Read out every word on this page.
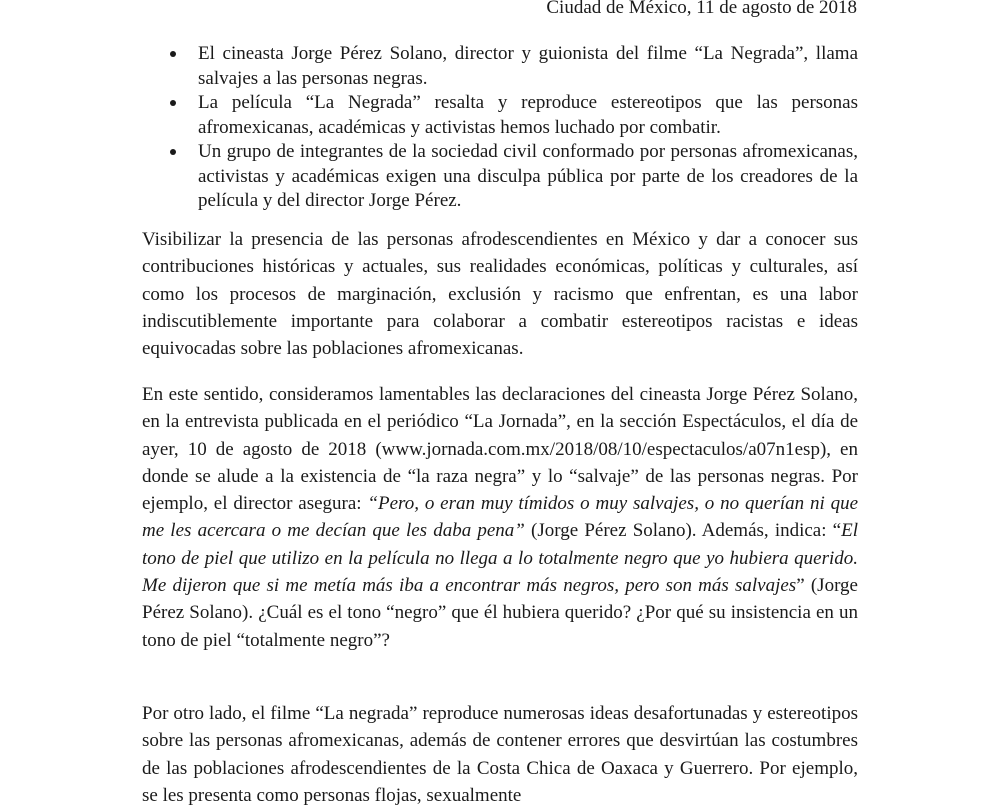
Ciudad de México, 11 de agosto de 2018
El cineasta Jorge Pérez Solano, director y guionista del filme “La Negrada”, llama salvajes a las personas negras.
La película “La Negrada” resalta y reproduce estereotipos que las personas afromexicanas, académicas y activistas hemos luchado por combatir.
Un grupo de integrantes de la sociedad civil conformado por personas afromexicanas, activistas y académicas exigen una disculpa pública por parte de los creadores de la película y del director Jorge Pérez.

Visibilizar la presencia de las personas afrodescendientes en México y dar a conocer sus contribuciones históricas y actuales, sus realidades económicas, políticas y culturales, así como los procesos de marginación, exclusión y racismo que enfrentan, es una labor indiscutiblemente importante para colaborar a combatir estereotipos racistas e ideas equivocadas sobre las poblaciones afromexicanas.

En este sentido, consideramos lamentables las declaraciones del cineasta Jorge Pérez Solano, en la entrevista publicada en el periódico “La Jornada”, en la sección Espectáculos, el día de ayer, 10 de agosto de 2018 (www.jornada.com.mx/2018/08/10/espectaculos/a07n1esp), en donde se alude a la existencia de “la raza negra” y lo “salvaje” de las personas negras. Por ejemplo, el director asegura: “Pero, o eran muy tímidos o muy salvajes, o no querían ni que me les acercara o me decían que les daba pena” (Jorge Pérez Solano). Además, indica: “El tono de piel que utilizo en la película no llega a lo totalmente negro que yo hubiera querido. Me dijeron que si me metía más iba a encontrar más negros, pero son más salvajes” (Jorge Pérez Solano). ¿Cuál es el tono “negro” que él hubiera querido? ¿Por qué su insistencia en un tono de piel “totalmente negro”?

Por otro lado, el filme “La negrada” reproduce numerosas ideas desafortunadas y estereotipos sobre las personas afromexicanas, además de contener errores que desvirtúan las costumbres de las poblaciones afrodescendientes de la Costa Chica de Oaxaca y Guerrero. Por ejemplo, se les presenta como personas flojas, sexualmente
